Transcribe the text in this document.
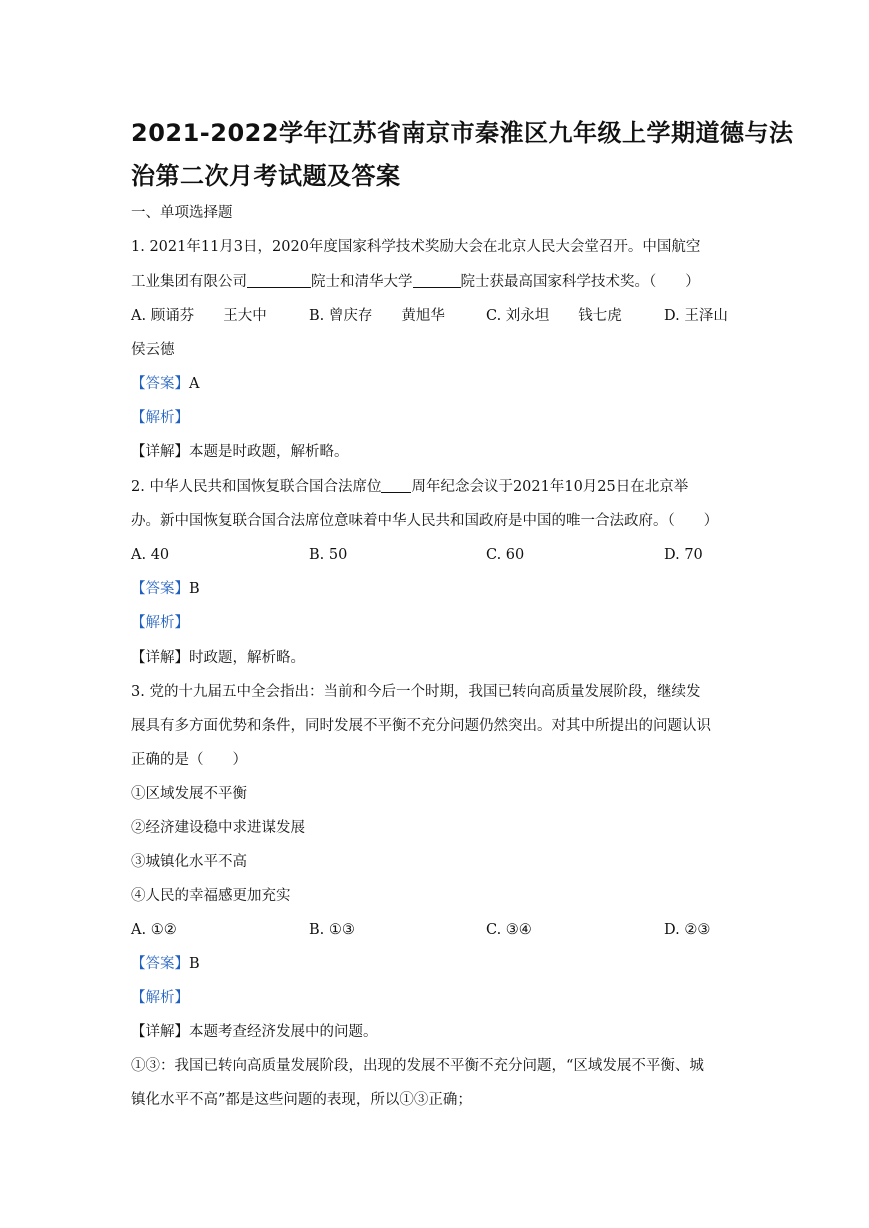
2021-2022学年江苏省南京市秦淮区九年级上学期道德与法
治第二次月考试题及答案
一、单项选择题
1. 2021年11月3日，2020年度国家科学技术奖励大会在北京人民大会堂召开。中国航空
工业集团有限公司	院士和清华大学	院士获最高国家科学技术奖。（　　）
A. 顾诵芬　　王大中	B. 曾庆存　　黄旭华	C. 刘永坦　　钱七虎	D. 王泽山
侯云德
【答案】A
【解析】
【详解】本题是时政题，解析略。
2. 中华人民共和国恢复联合国合法席位 周年纪念会议于2021年10月25日在北京举
办。新中国恢复联合国合法席位意味着中华人民共和国政府是中国的唯一合法政府。（　　）
A. 40	B. 50	C. 60	D. 70
【答案】B
【解析】
【详解】时政题，解析略。
3. 党的十九届五中全会指出：当前和今后一个时期，我国已转向高质量发展阶段，继续发
展具有多方面优势和条件，同时发展不平衡不充分问题仍然突出。对其中所提出的问题认识
正确的是（　　）
①区域发展不平衡
②经济建设稳中求进谋发展
③城镇化水平不高
④人民的幸福感更加充实
A. ①②	B. ①③	C. ③④	D. ②③
【答案】B
【解析】
【详解】本题考查经济发展中的问题。
①③：我国已转向高质量发展阶段，出现的发展不平衡不充分问题，“区域发展不平衡、城
镇化水平不高”都是这些问题的表现，所以①③正确；
